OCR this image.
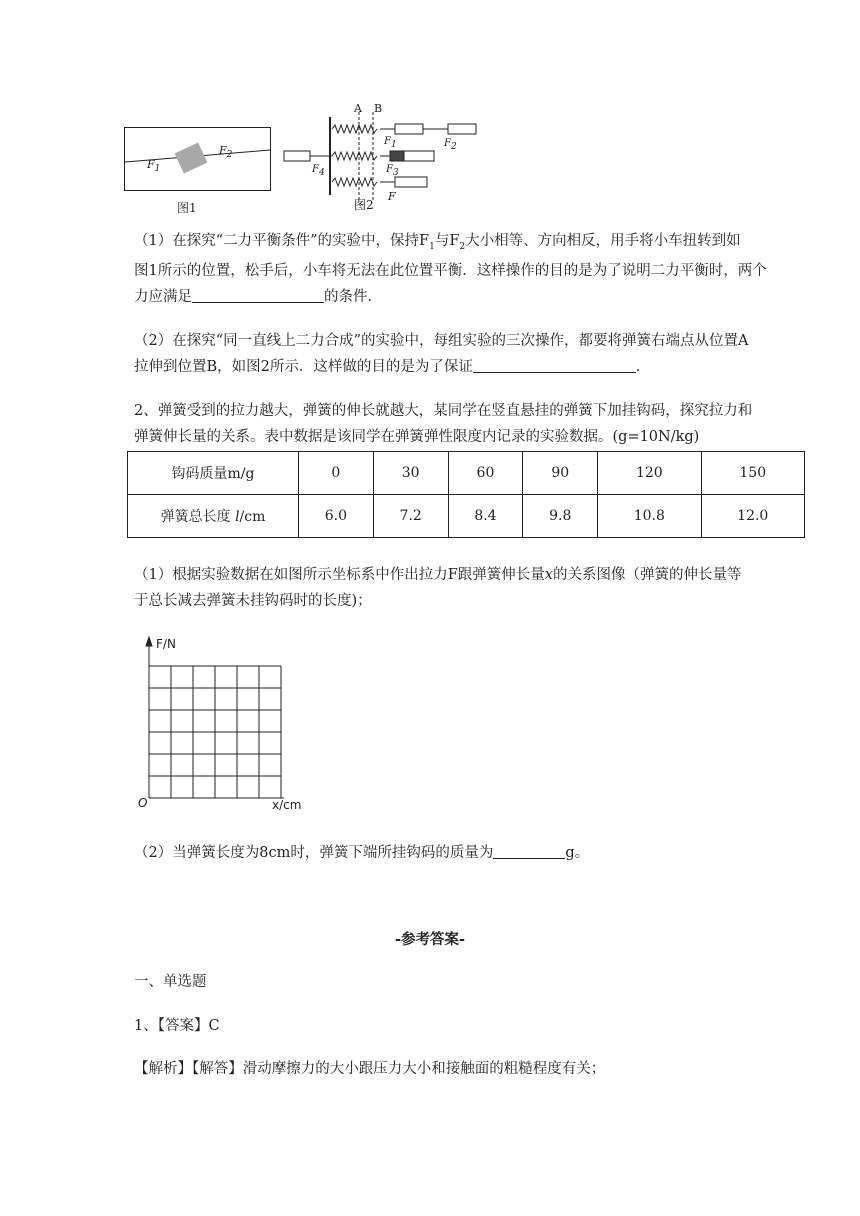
$F_1$
$F_2$
图1
A B
$F_1$	$F_2$
$F_3$
$F_4$
F
图2
（1）在探究“二力平衡条件”的实验中，保持$F_1$与$F_2$大小相等、方向相反，用手将小车扭转到如
图1所示的位置，松手后，小车将无法在此位置平衡．这样操作的目的是为了说明二力平衡时，两个
力应满足	的条件．
（2）在探究“同一直线上二力合成”的实验中，每组实验的三次操作，都要将弹簧右端点从位置A
拉伸到位置B，如图2所示．这样做的目的是为了保证	．
2、弹簧受到的拉力越大，弹簧的伸长就越大，某同学在竖直悬挂的弹簧下加挂钩码，探究拉力和
弹簧伸长量的关系。表中数据是该同学在弹簧弹性限度内记录的实验数据。(g=10N/kg)
钩码质量m/g	0	30	60	90	120	150
弹簧总长度 l/cm	6.0	7.2	8.4	9.8	10.8	12.0
（1）根据实验数据在如图所示坐标系中作出拉力F跟弹簧伸长量x的关系图像（弹簧的伸长量等
于总长减去弹簧未挂钩码时的长度)；
F/N
O	x/cm
（2）当弹簧长度为8cm时，弹簧下端所挂钩码的质量为	g。
-参考答案-
一、单选题
1、【答案】C
【解析】【解答】滑动摩擦力的大小跟压力大小和接触面的粗糙程度有关；
